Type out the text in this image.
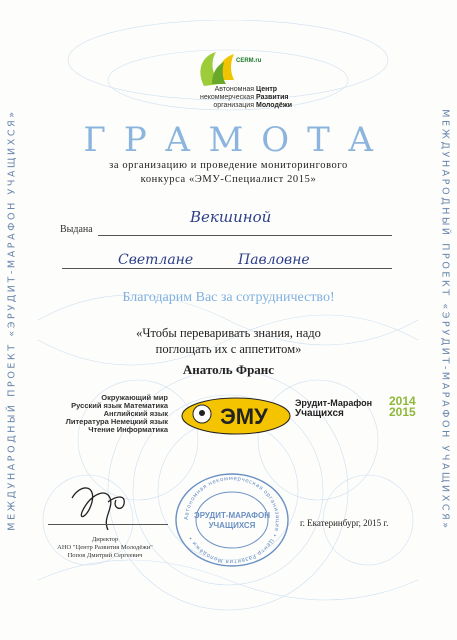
МЕЖДУНАРОДНЫЙ ПРОЕКТ «ЭРУДИТ-МАРАФОН УЧАЩИХСЯ»	МЕЖДУНАРОДНЫЙ ПРОЕКТ «ЭРУДИТ-МАРАФОН УЧАЩИХСЯ»
CERM.ru
Автономная
некоммерческая
организация
Центр
Развития
Молодёжи
ГРАМОТА
за организацию и проведение мониторингового
конкурса «ЭМУ-Специалист 2015»
Выдана
Векшиной
Светлане	Павловне
Благодарим Вас за сотрудничество!
«Чтобы переваривать знания, надо
поглощать их с аппетитом»
Анатоль Франс
Окружающий мир
Русский язык Математика
Английский язык
Литература Немецкий язык
Чтение Информатика
ЭМУ
Эрудит-Марафон
Учащихся
2014
2015
Автономная некоммерческая организация • Центр Развития Молодёжи •
ЭРУДИТ-МАРАФОН
УЧАЩИХСЯ
Директор
АНО "Центр Развития Молодёжи"
Попов Дмитрий Сергеевич
г. Екатеринбург, 2015 г.
